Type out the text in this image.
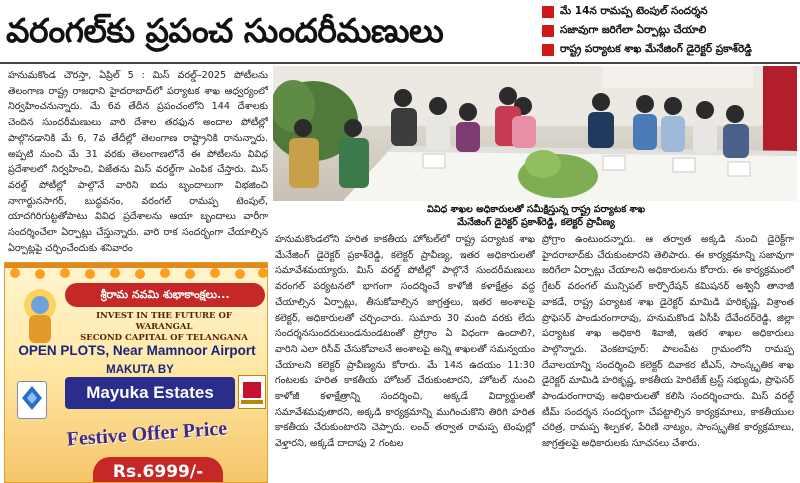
వరంగల్‌కు ప్రపంచ సుందరీమణులు
మే 14న రామప్ప టెంపుల్ సందర్శన
సజావుగా జరిగేలా ఏర్పాట్లు చేయాలి
రాష్ట్ర పర్యాటక శాఖ మేనేజింగ్ డైరెక్టర్ ప్రకాశ్‌రెడ్డి

హనుమకొండ చౌరస్తా, ఏప్రిల్ 5 : మిస్ వరల్డ్–2025 పోటీలను తెలంగాణ రాష్ట్ర రాజధాని హైదరాబాద్‌లో పర్యాటక శాఖ ఆధ్వర్యంలో నిర్వహించనున్నారు. మే 6వ తేదీన ప్రపంచంలోని 144 దేశాలకు చెందిన సుందరీమణులు వారి దేశాల తరఫున అందాల పోటీల్లో పాల్గొనడానికి మే 6, 7వ తేదీల్లో తెలంగాణ రాష్ట్రానికి రానున్నారు. అప్పటి నుంచి మే 31 వరకు తెలంగాణలోనే ఈ పోటీలను వివిధ ప్రదేశాలలో నిర్వహించి, విజేతను మిస్ వరల్డ్‌గా ఎంపిక చేస్తారు. మిస్ వరల్డ్ పోటీల్లో పాల్గొనే వారిని ఐదు బృందాలుగా విభజించి నాగార్జునసాగర్, బుద్ధవనం, వరంగల్ రామప్ప టెంపుల్, యాదగిరిగుట్టతోపాటు వివిధ ప్రదేశాలను ఆయా బృందాలు వారీగా సందర్శించేలా ఏర్పాట్లు చేస్తున్నారు. వారి రాక సందర్భంగా చేయాల్సిన ఏర్పాట్లపై చర్చించేందుకు శనివారం

వివిధ శాఖల అధికారులతో సమీక్షిస్తున్న రాష్ట్ర పర్యాటక శాఖ
మేనేజింగ్ డైరెక్టర్ ప్రకాశ్‌రెడ్డి, కలెక్టర్ ప్రావీణ్య

హనుమకొండలోని హరిత కాకతీయ హోటల్‌లో రాష్ట్ర పర్యాటక శాఖ మేనేజింగ్ డైరెక్టర్ ప్రకాశ్‌రెడ్డి, కలెక్టర్ ప్రావీణ్య, ఇతర అధికారులతో సమావేశమయ్యారు. మిస్ వరల్డ్ పోటీల్లో పాల్గొనే సుందరీమణులు వరంగల్ పర్యటనలో భాగంగా సందర్శించే కాళోజీ కళాక్షేత్రం వద్ద చేయాల్సిన ఏర్పాట్లు, తీసుకోవాల్సిన జాగ్రత్తలు, ఇతర అంశాలపై కలెక్టర్, అధికారులతో చర్చించారు. సుమారు 30 మంది వరకు లేదు సందర్శనసుందరులుండనుండటంతో ప్రోగ్రాం ఏ విధంగా ఉందాలి?, వారిని ఎలా రిసీవ్ చేసుకోవాలనే అంశాలపై అన్ని శాఖలతో సమన్వయం చేయాలని కలెక్టర్ ప్రావీణ్యను కోరారు. మే 14న ఉదయం 11:30 గంటలకు హరిత కాకతీయ హోటల్ చేరుకుంటారని, హోటల్ నుంచి కాళోజీ కళాక్షేత్రాన్ని సందర్శించి, అక్కడే విద్యార్థులతో సమావేశమవుతారని, అక్కడి కార్యక్రమాన్ని ముగించుకొని తిరిగి హరిత కాకతీయ చేరుకుంటారని చెప్పారు. లంచ్ తర్వాత రామప్ప టెంపుల్లో వెళ్తారని, అక్కడే దాదాపు 2 గంటల

ప్రోగ్రాం ఉంటుందన్నారు. ఆ తర్వాత అక్కడి నుంచి డైరెక్ట్‌గా హైదరాబాద్‌కు చేరుకుంటారని తెలిపారు. ఈ కార్యక్రమాన్ని సజావుగా జరిగేలా ఏర్పాట్లు చేయాలని అధికారులను కోరారు. ఈ కార్యక్రమంలో గ్రేటర్ వరంగల్ మున్సిపల్ కార్పొరేషన్ కమిషనర్ అశ్వినీ తానాజీ వాకడే, రాష్ట్ర పర్యాటక శాఖ డైరెక్టర్ మామిడి హరికృష్ణ, విశ్రాంత ప్రొఫెసర్ పాండురంగారావు, హనుమకొండ ఏసీపీ దేవేందర్‌రెడ్డి, జిల్లా పర్యాటక శాఖ అధికారి శివాజీ, ఇతర శాఖల అధికారులు పాల్గొన్నారు. వెంకటాపూర్: పాలంపేట గ్రామంలోని రామప్ప దేవాలయాన్ని సందర్శించి కలెక్టర్ దివాకర టీఎస్, సాంస్కృతిక శాఖ డైరెక్టర్ మామిడి హరికృష్ణ, కాకతీయ హెరిటేజ్ ట్రస్ట్ సభ్యుడు, ప్రొఫెసర్ పాండురంగారావు అధికారులతో కలిసి సందర్శించారు. మిస్ వరల్డ్ టీమ్ సందర్శన సందర్భంగా చేపట్టాల్సిన కార్యక్రమాలు, కాకతీయుల చరిత్ర, రామప్ప శిల్పకళ, పేరిణి నాట్యం, సాంస్కృతిక కార్యక్రమాలు, జాగ్రత్తలపై అధికారులకు సూచనలు చేశారు.

శ్రీరామ నవమి శుభాకాంక్షలు...
INVEST IN THE FUTURE OF WARANGAL
SECOND CAPITAL OF TELANGANA
OPEN PLOTS, Near Mamnoor Airport
MAKUTA BY
Mayuka Estates
Festive Offer Price
Rs.6999/-
